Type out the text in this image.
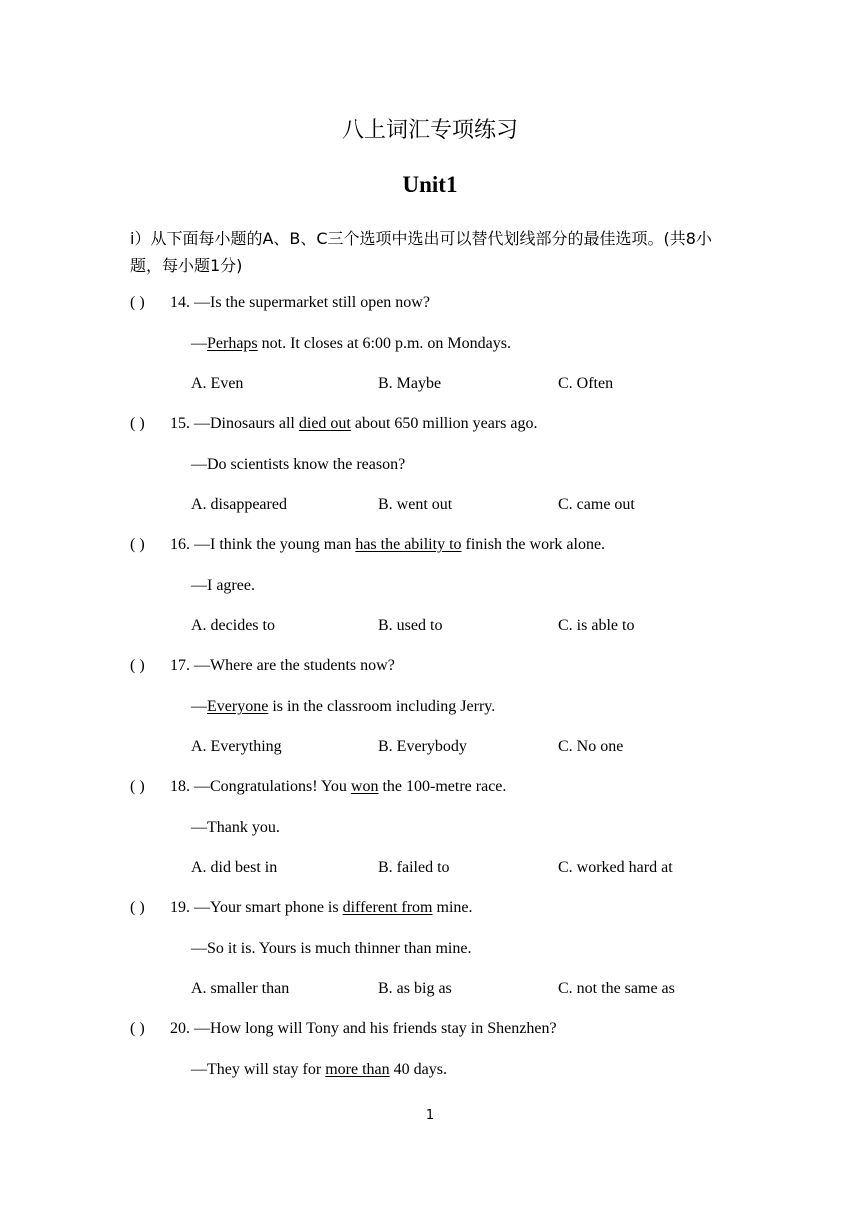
八上词汇专项练习
Unit1
ⅰ）从下面每小题的A、B、C三个选项中选出可以替代划线部分的最佳选项。(共8小题，每小题1分)
( ) 14. —Is the supermarket still open now?
—Perhaps not. It closes at 6:00 p.m. on Mondays.
A. Even	B. Maybe	C. Often
( ) 15. —Dinosaurs all died out about 650 million years ago.
—Do scientists know the reason?
A. disappeared	B. went out	C. came out
( ) 16. —I think the young man has the ability to finish the work alone.
—I agree.
A. decides to	B. used to	C. is able to
( ) 17. —Where are the students now?
—Everyone is in the classroom including Jerry.
A. Everything	B. Everybody	C. No one
( ) 18. —Congratulations! You won the 100-metre race.
—Thank you.
A. did best in	B. failed to	C. worked hard at
( ) 19. —Your smart phone is different from mine.
—So it is. Yours is much thinner than mine.
A. smaller than	B. as big as	C. not the same as
( ) 20. —How long will Tony and his friends stay in Shenzhen?
—They will stay for more than 40 days.
1
